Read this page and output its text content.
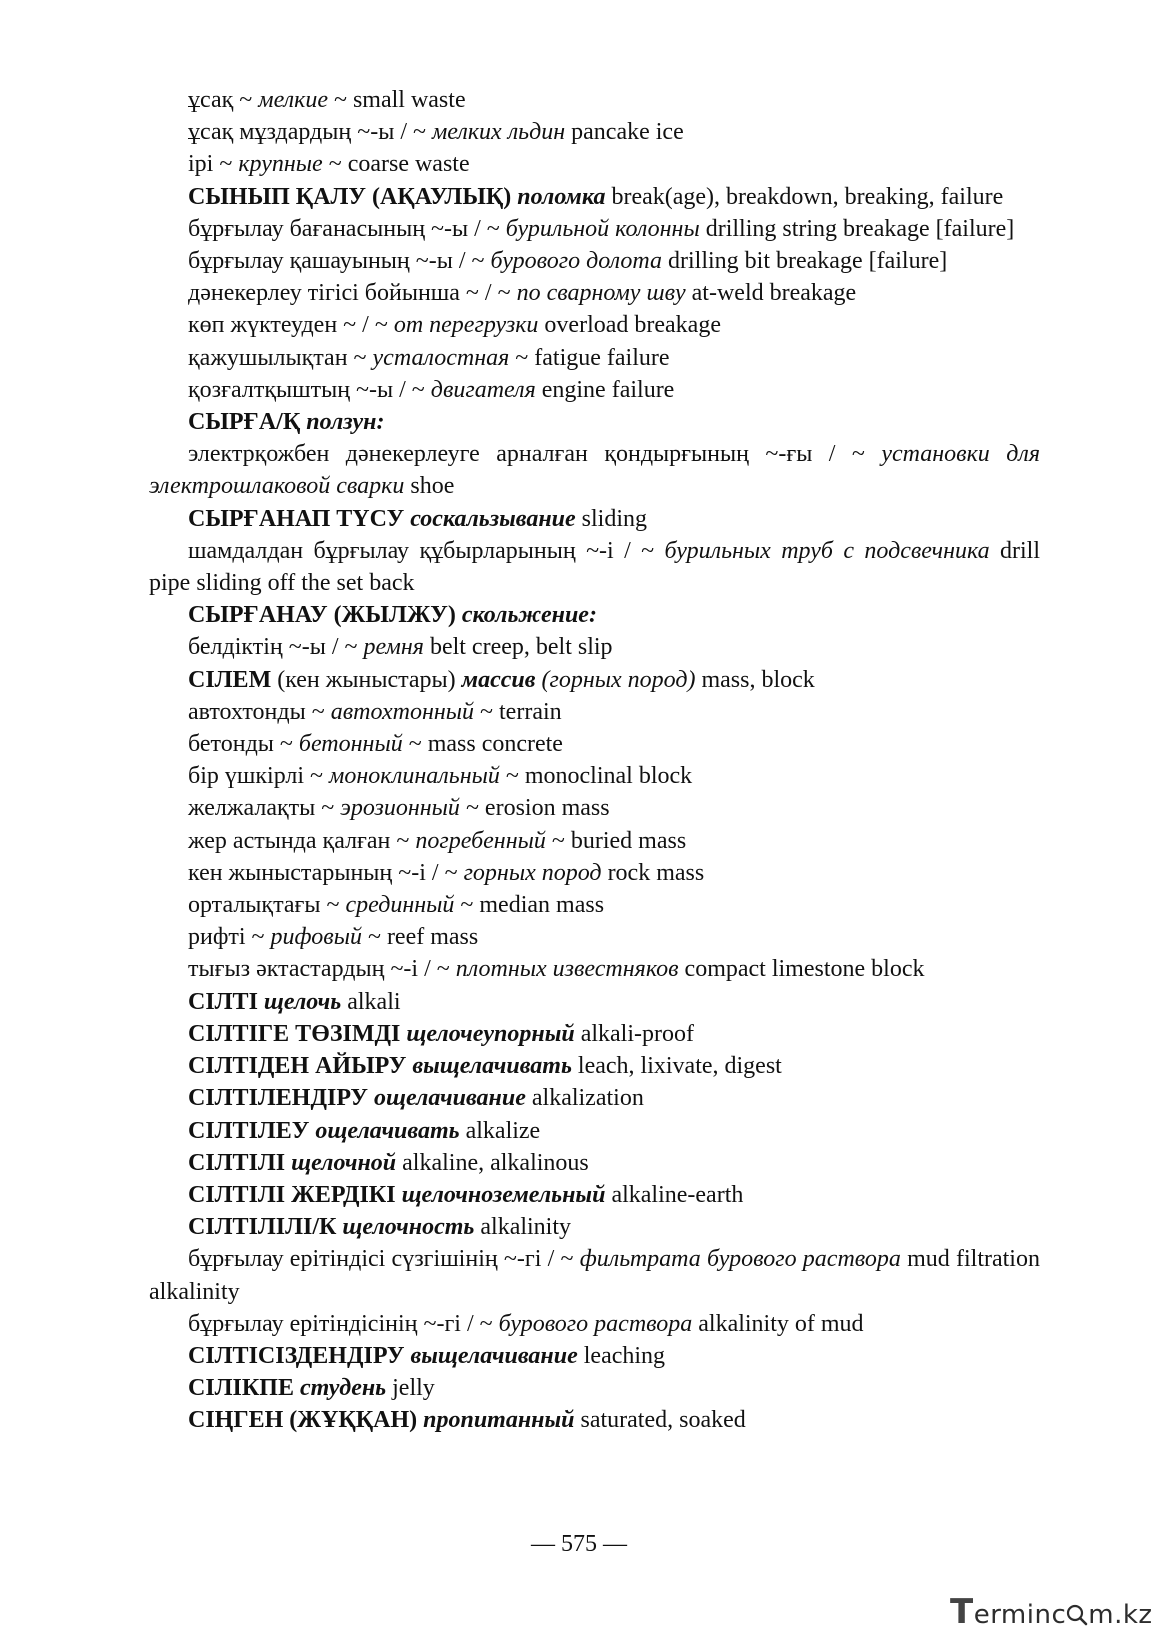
ұсақ ~ мелкие ~ small waste

ұсақ мұздардың ~-ы / ~ мелких льдин pancake ice

ірі ~ крупные ~ coarse waste

СЫНЫП ҚАЛУ (АҚАУЛЫҚ) поломка break(age), breakdown, breaking, failure

бұрғылау бағанасының ~-ы / ~ бурильной колонны drilling string breakage [failure]

бұрғылау қашауының ~-ы / ~ бурового долота drilling bit breakage [failure]

дәнекерлеу тігісі бойынша ~ / ~ по сварному шву at-weld breakage

көп жүктеуден ~ / ~ от перегрузки overload breakage

қажушылықтан ~ усталостная ~ fatigue failure

қозғалтқыштың ~-ы / ~ двигателя engine failure

СЫРҒА/Қ ползун:

электрқожбен дәнекерлеуге арналған қондырғының ~-ғы / ~ установки для электрошлаковой сварки shoe

СЫРҒАНАП ТҮСУ соскальзывание sliding

шамдалдан бұрғылау құбырларының ~-і / ~ бурильных труб с подсвечника drill pipe sliding off the set back

СЫРҒАНАУ (ЖЫЛЖУ) скольжение:

белдіктің ~-ы / ~ ремня belt creep, belt slip

СІЛЕМ (кен жыныстары) массив (горных пород) mass, block

автохтонды ~ автохтонный ~ terrain

бетонды ~ бетонный ~ mass concrete

бір үшкірлі ~ моноклинальный ~ monoclinal block

желжалақты ~ эрозионный ~ erosion mass

жер астында қалған ~ погребенный ~ buried mass

кен жыныстарының ~-і / ~ горных пород rock mass

орталықтағы ~ срединный ~ median mass

рифті ~ рифовый ~ reef mass

тығыз әктастардың ~-і / ~ плотных известняков compact limestone block

СІЛТІ щелочь alkali

СІЛТІГЕ ТӨЗІМДІ щелочеупорный alkali-proof

СІЛТІДЕН АЙЫРУ выщелачивать leach, lixivate, digest

СІЛТІЛЕНДІРУ ощелачивание alkalization

СІЛТІЛЕУ ощелачивать alkalize

СІЛТІЛІ щелочной alkaline, alkalinous

СІЛТІЛІ ЖЕРДІКІ щелочноземельный alkaline-earth

СІЛТІЛІЛІ/К щелочность alkalinity

бұрғылау ерітіндісі сүзгішінің ~-гі / ~ фильтрата бурового раствора mud filtration alkalinity

бұрғылау ерітіндісінің ~-гі / ~ бурового раствора alkalinity of mud

СІЛТІСІЗДЕНДІРУ выщелачивание leaching

СІЛІКПЕ студень jelly

СІҢГЕН (ЖҰҚҚАН) пропитанный saturated, soaked

— 575 —
Terminc m.kz
